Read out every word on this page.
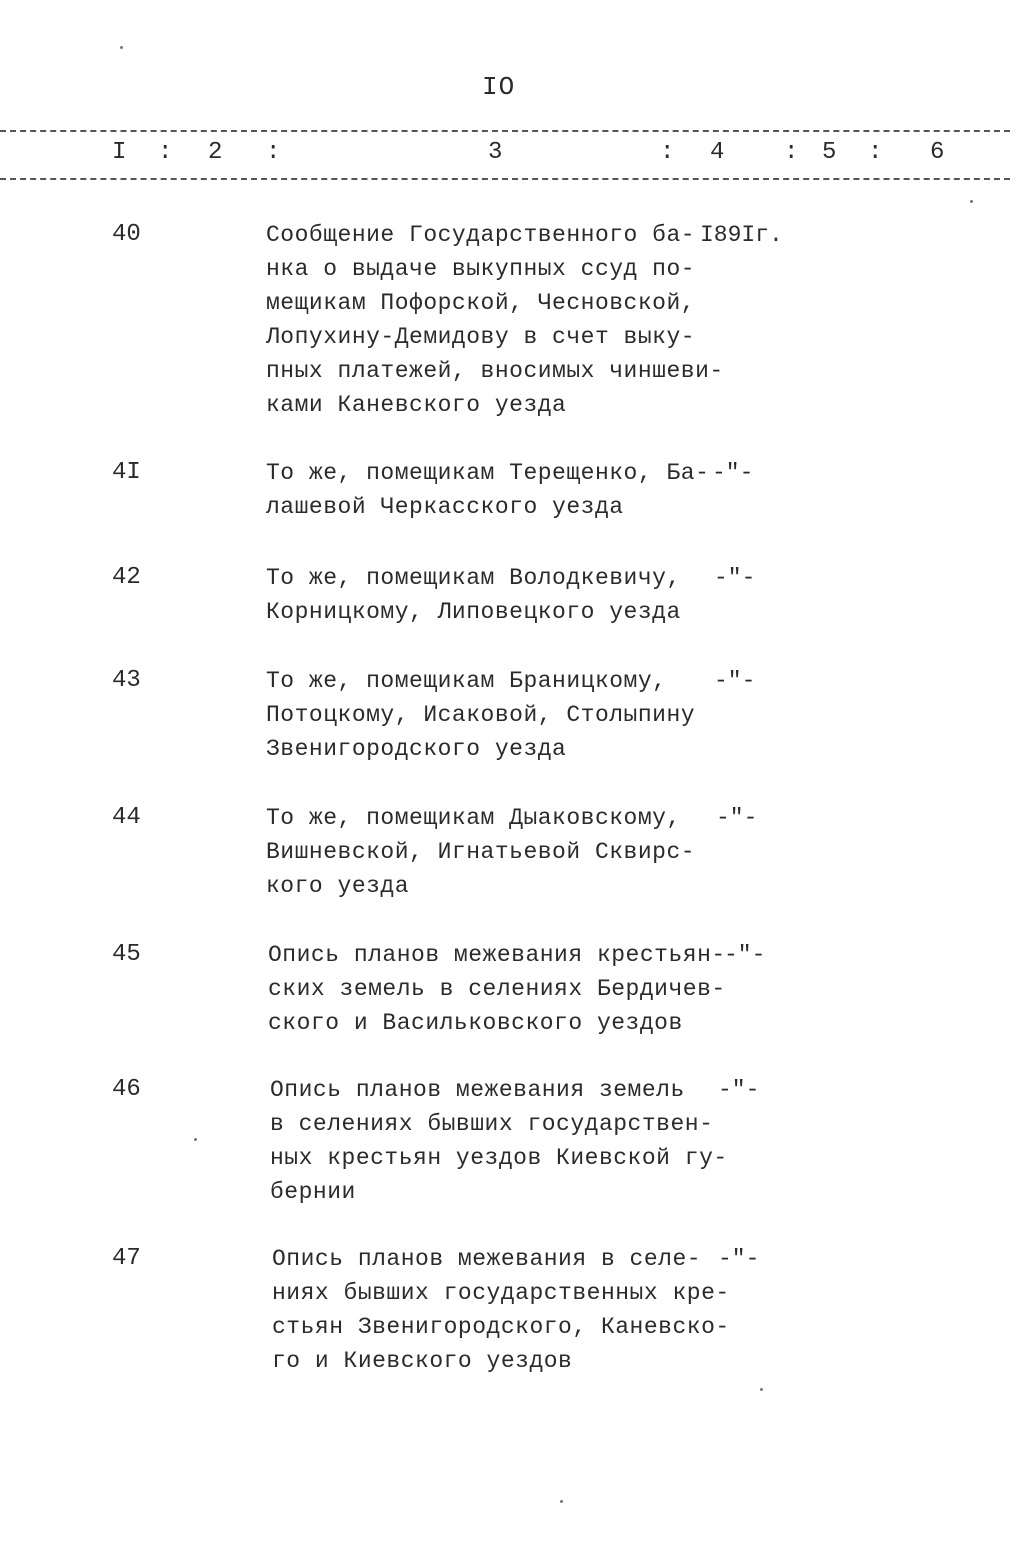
IO
I : 2 :	3	: 4 : 5 : 6
40	Сообщение Государственного ба-
нка о выдаче выкупных ссуд по-
мещикам Пофорской, Чесновской,
Лопухину-Демидову в счет выку-
пных платежей, вносимых чиншеви-
ками Каневского уезда
I89Iг.
4I	То же, помещикам Терещенко, Ба-
лашевой Черкасского уезда
-"-
42	То же, помещикам Володкевичу,
Корницкому, Липовецкого уезда
-"-
43	То же, помещикам Браницкому,
Потоцкому, Исаковой, Столыпину
Звенигородского уезда
-"-
44	То же, помещикам Дыаковскому,
Вишневской, Игнатьевой Сквирс-
кого уезда
-"-
45	Опись планов межевания крестьян-
ских земель в селениях Бердичев-
ского и Васильковского уездов
-"-
46	Опись планов межевания земель
в селениях бывших государствен-
ных крестьян уездов Киевской гу-
бернии
-"-
47	Опись планов межевания в селе-
ниях бывших государственных кре-
стьян Звенигородского, Каневско-
го и Киевского уездов
-"-
